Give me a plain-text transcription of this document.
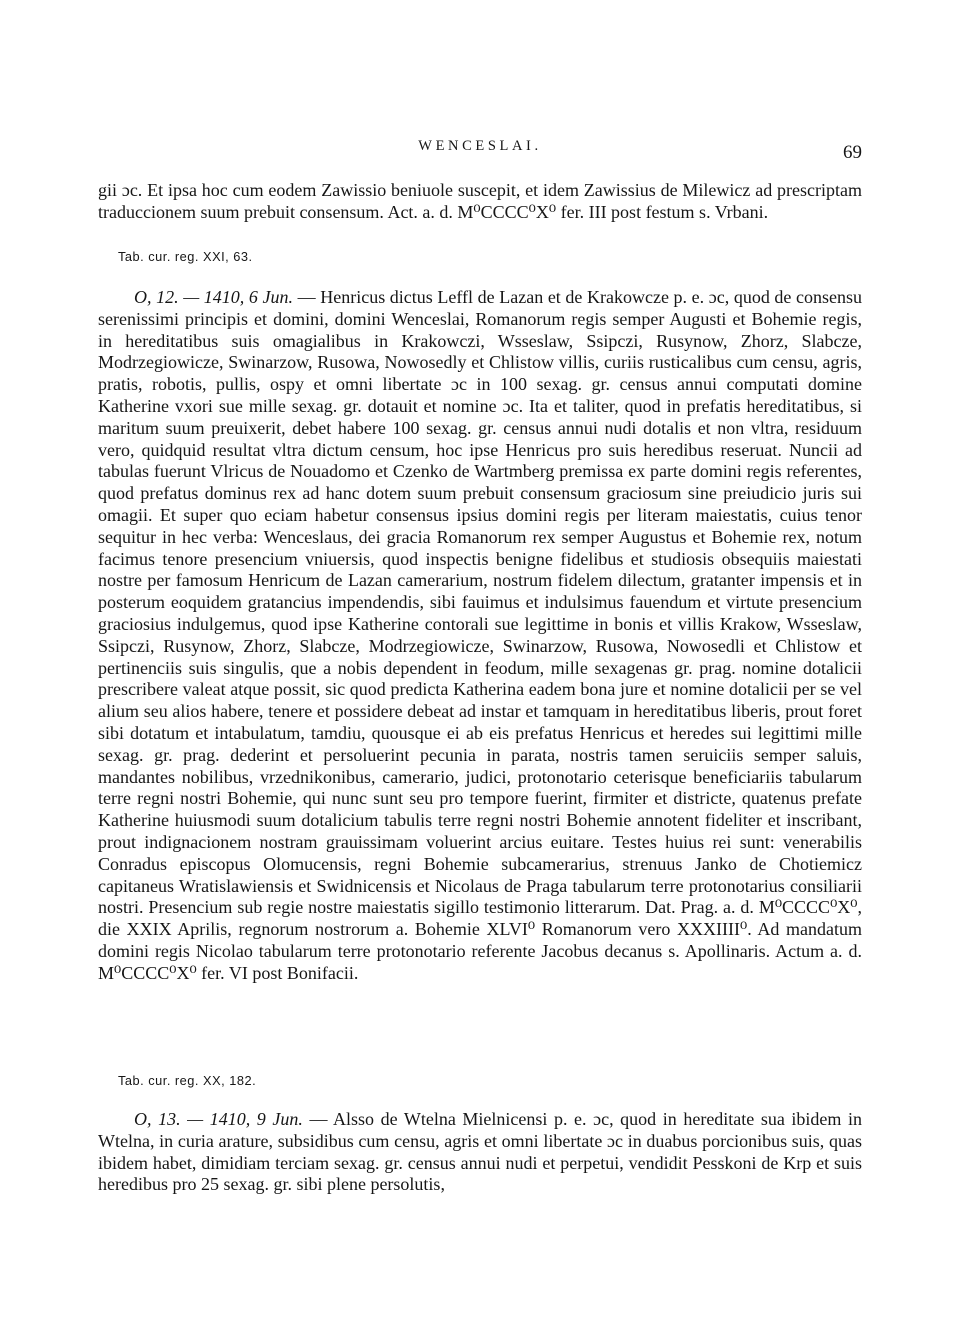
WENCESLAI.	69

gii ɔc. Et ipsa hoc cum eodem Zawissio beniuole suscepit, et idem Zawissius de Milewicz ad prescriptam traduccionem suum prebuit consensum. Act. a. d. M⁰CCCC⁰X⁰ fer. III post festum s. Vrbani.

Tab. cur. reg. XXI, 63.

O, 12. — 1410, 6 Jun. — Henricus dictus Leffl de Lazan et de Krakowcze p. e. ɔc, quod de consensu serenissimi principis et domini, domini Wenceslai, Romanorum regis semper Augusti et Bohemie regis, in hereditatibus suis omagialibus in Krakowczi, Wsseslaw, Ssipczi, Rusynow, Zhorz, Slabcze, Modrzegiowicze, Swinarzow, Rusowa, Nowosedly et Chlistow villis, curiis rusticalibus cum censu, agris, pratis, robotis, pullis, ospy et omni libertate ɔc in 100 sexag. gr. census annui computati domine Katherine vxori sue mille sexag. gr. dotauit et nomine ɔc. Ita et taliter, quod in prefatis hereditatibus, si maritum suum preuixerit, debet habere 100 sexag. gr. census annui nudi dotalis et non vltra, residuum vero, quidquid resultat vltra dictum censum, hoc ipse Henricus pro suis heredibus reseruat. Nuncii ad tabulas fuerunt Vlricus de Nouadomo et Czenko de Wartmberg premissa ex parte domini regis referentes, quod prefatus dominus rex ad hanc dotem suum prebuit consensum graciosum sine preiudicio juris sui omagii. Et super quo eciam habetur consensus ipsius domini regis per literam maiestatis, cuius tenor sequitur in hec verba: Wenceslaus, dei gracia Romanorum rex semper Augustus et Bohemie rex, notum facimus tenore presencium vniuersis, quod inspectis benigne fidelibus et studiosis obsequiis maiestati nostre per famosum Henricum de Lazan camerarium, nostrum fidelem dilectum, gratanter impensis et in posterum eoquidem gratancius impendendis, sibi fauimus et indulsimus fauendum et virtute presencium graciosius indulgemus, quod ipse Katherine contorali sue legittime in bonis et villis Krakow, Wsseslaw, Ssipczi, Rusynow, Zhorz, Slabcze, Modrzegiowicze, Swinarzow, Rusowa, Nowosedli et Chlistow et pertinenciis suis singulis, que a nobis dependent in feodum, mille sexagenas gr. prag. nomine dotalicii prescribere valeat atque possit, sic quod predicta Katherina eadem bona jure et nomine dotalicii per se vel alium seu alios habere, tenere et possidere debeat ad instar et tamquam in hereditatibus liberis, prout foret sibi dotatum et intabulatum, tamdiu, quousque ei ab eis prefatus Henricus et heredes sui legittimi mille sexag. gr. prag. dederint et persoluerint pecunia in parata, nostris tamen seruiciis semper saluis, mandantes nobilibus, vrzednikonibus, camerario, judici, protonotario ceterisque beneficiariis tabularum terre regni nostri Bohemie, qui nunc sunt seu pro tempore fuerint, firmiter et districte, quatenus prefate Katherine huiusmodi suum dotalicium tabulis terre regni nostri Bohemie annotent fideliter et inscribant, prout indignacionem nostram grauissimam voluerint arcius euitare. Testes huius rei sunt: venerabilis Conradus episcopus Olomucensis, regni Bohemie subcamerarius, strenuus Janko de Chotiemicz capitaneus Wratislawiensis et Swidnicensis et Nicolaus de Praga tabularum terre protonotarius consiliarii nostri. Presencium sub regie nostre maiestatis sigillo testimonio litterarum. Dat. Prag. a. d. M⁰CCCC⁰X⁰, die XXIX Aprilis, regnorum nostrorum a. Bohemie XLVI⁰ Romanorum vero XXXIIII⁰. Ad mandatum domini regis Nicolao tabularum terre protonotario referente Jacobus decanus s. Apollinaris. Actum a. d. M⁰CCCC⁰X⁰ fer. VI post Bonifacii.

Tab. cur. reg. XX, 182.

O, 13. — 1410, 9 Jun. — Alsso de Wtelna Mielnicensi p. e. ɔc, quod in hereditate sua ibidem in Wtelna, in curia arature, subsidibus cum censu, agris et omni libertate ɔc in duabus porcionibus suis, quas ibidem habet, dimidiam terciam sexag. gr. census annui nudi et perpetui, vendidit Pesskoni de Krp et suis heredibus pro 25 sexag. gr. sibi plene persolutis,
